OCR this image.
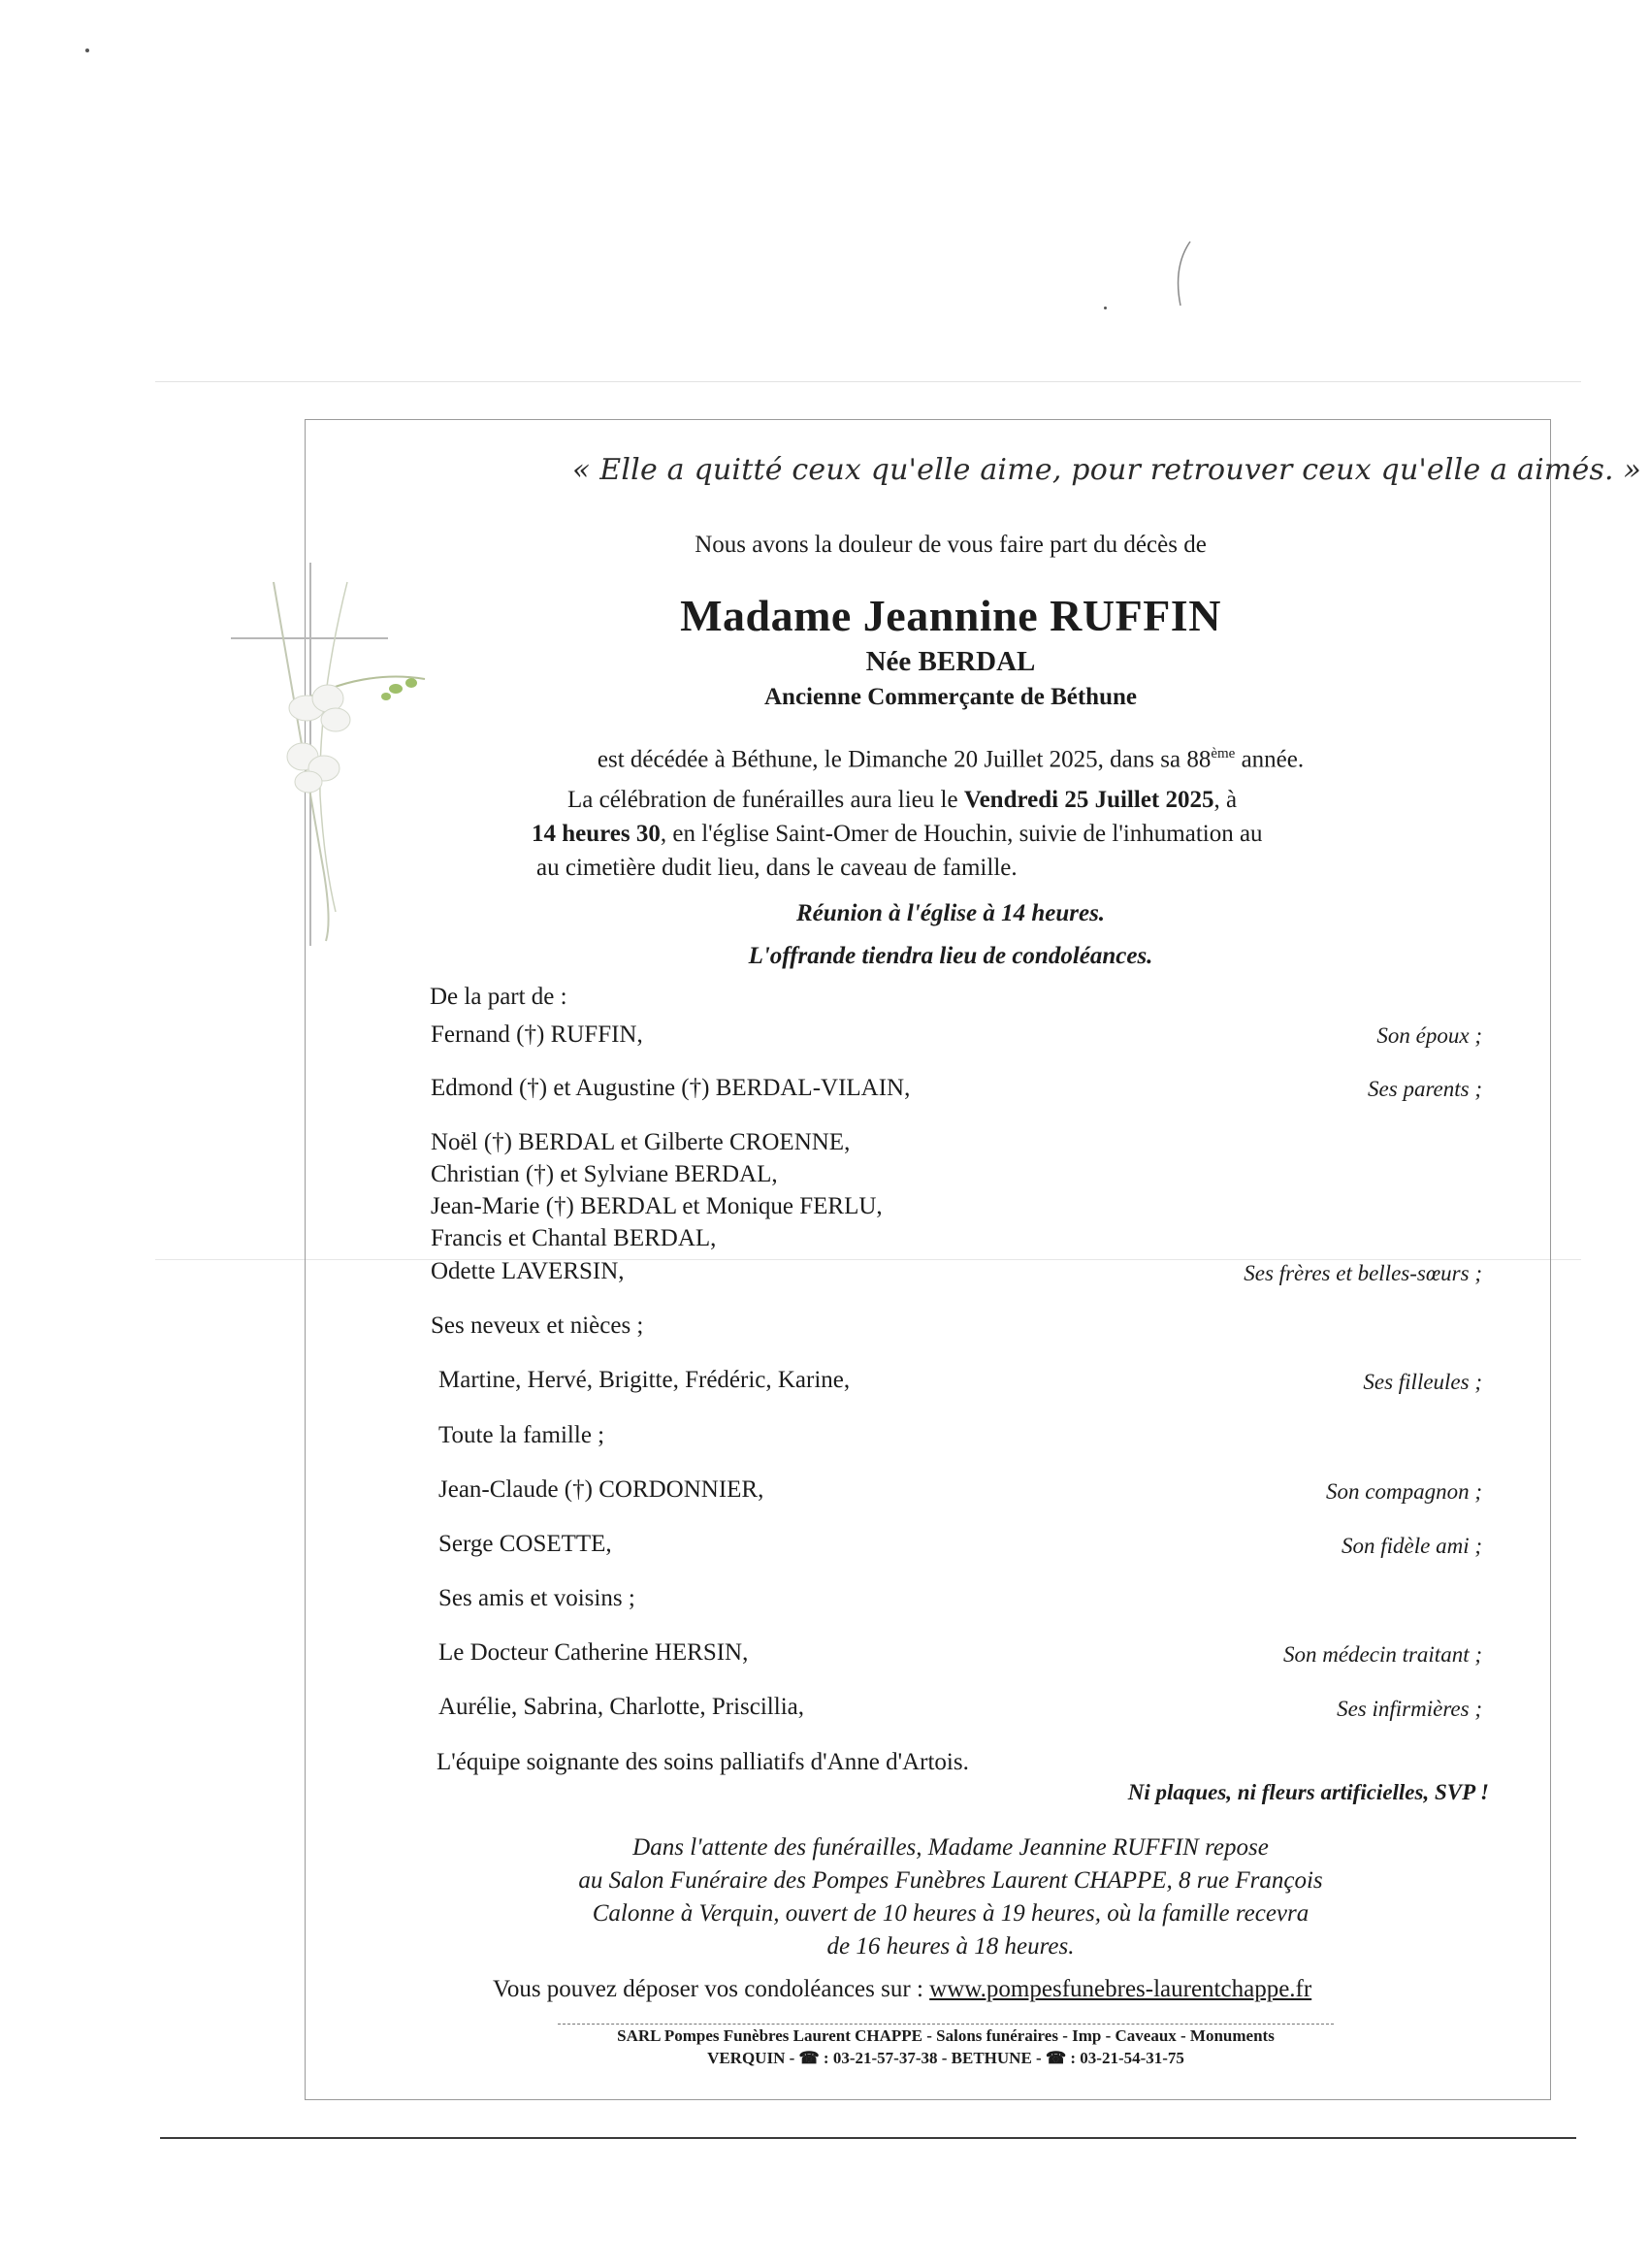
« Elle a quitté ceux qu'elle aime, pour retrouver ceux qu'elle a aimés. »
Nous avons la douleur de vous faire part du décès de
Madame Jeannine RUFFIN
Née BERDAL
Ancienne Commerçante de Béthune
est décédée à Béthune, le Dimanche 20 Juillet 2025, dans sa 88ème année.
La célébration de funérailles aura lieu le Vendredi 25 Juillet 2025, à
14 heures 30, en l'église Saint-Omer de Houchin, suivie de l'inhumation au
au cimetière dudit lieu, dans le caveau de famille.
Réunion à l'église à 14 heures.
L'offrande tiendra lieu de condoléances.
De la part de :
Fernand (†) RUFFIN,	Son époux ;
Edmond (†) et Augustine (†) BERDAL-VILAIN,	Ses parents ;
Noël (†) BERDAL et Gilberte CROENNE,
Christian (†) et Sylviane BERDAL,
Jean-Marie (†) BERDAL et Monique FERLU,
Francis et Chantal BERDAL,
Odette LAVERSIN,	Ses frères et belles-sœurs ;
Ses neveux et nièces ;
Martine, Hervé, Brigitte, Frédéric, Karine,	Ses filleules ;
Toute la famille ;
Jean-Claude (†) CORDONNIER,	Son compagnon ;
Serge COSETTE,	Son fidèle ami ;
Ses amis et voisins ;
Le Docteur Catherine HERSIN,	Son médecin traitant ;
Aurélie, Sabrina, Charlotte, Priscillia,	Ses infirmières ;
L'équipe soignante des soins palliatifs d'Anne d'Artois.
Ni plaques, ni fleurs artificielles, SVP !
Dans l'attente des funérailles, Madame Jeannine RUFFIN repose
au Salon Funéraire des Pompes Funèbres Laurent CHAPPE, 8 rue François
Calonne à Verquin, ouvert de 10 heures à 19 heures, où la famille recevra
de 16 heures à 18 heures.
Vous pouvez déposer vos condoléances sur : www.pompesfunebres-laurentchappe.fr
SARL Pompes Funèbres Laurent CHAPPE - Salons funéraires - Imp - Caveaux - Monuments
VERQUIN - ☎ : 03-21-57-37-38 - BETHUNE - ☎ : 03-21-54-31-75
